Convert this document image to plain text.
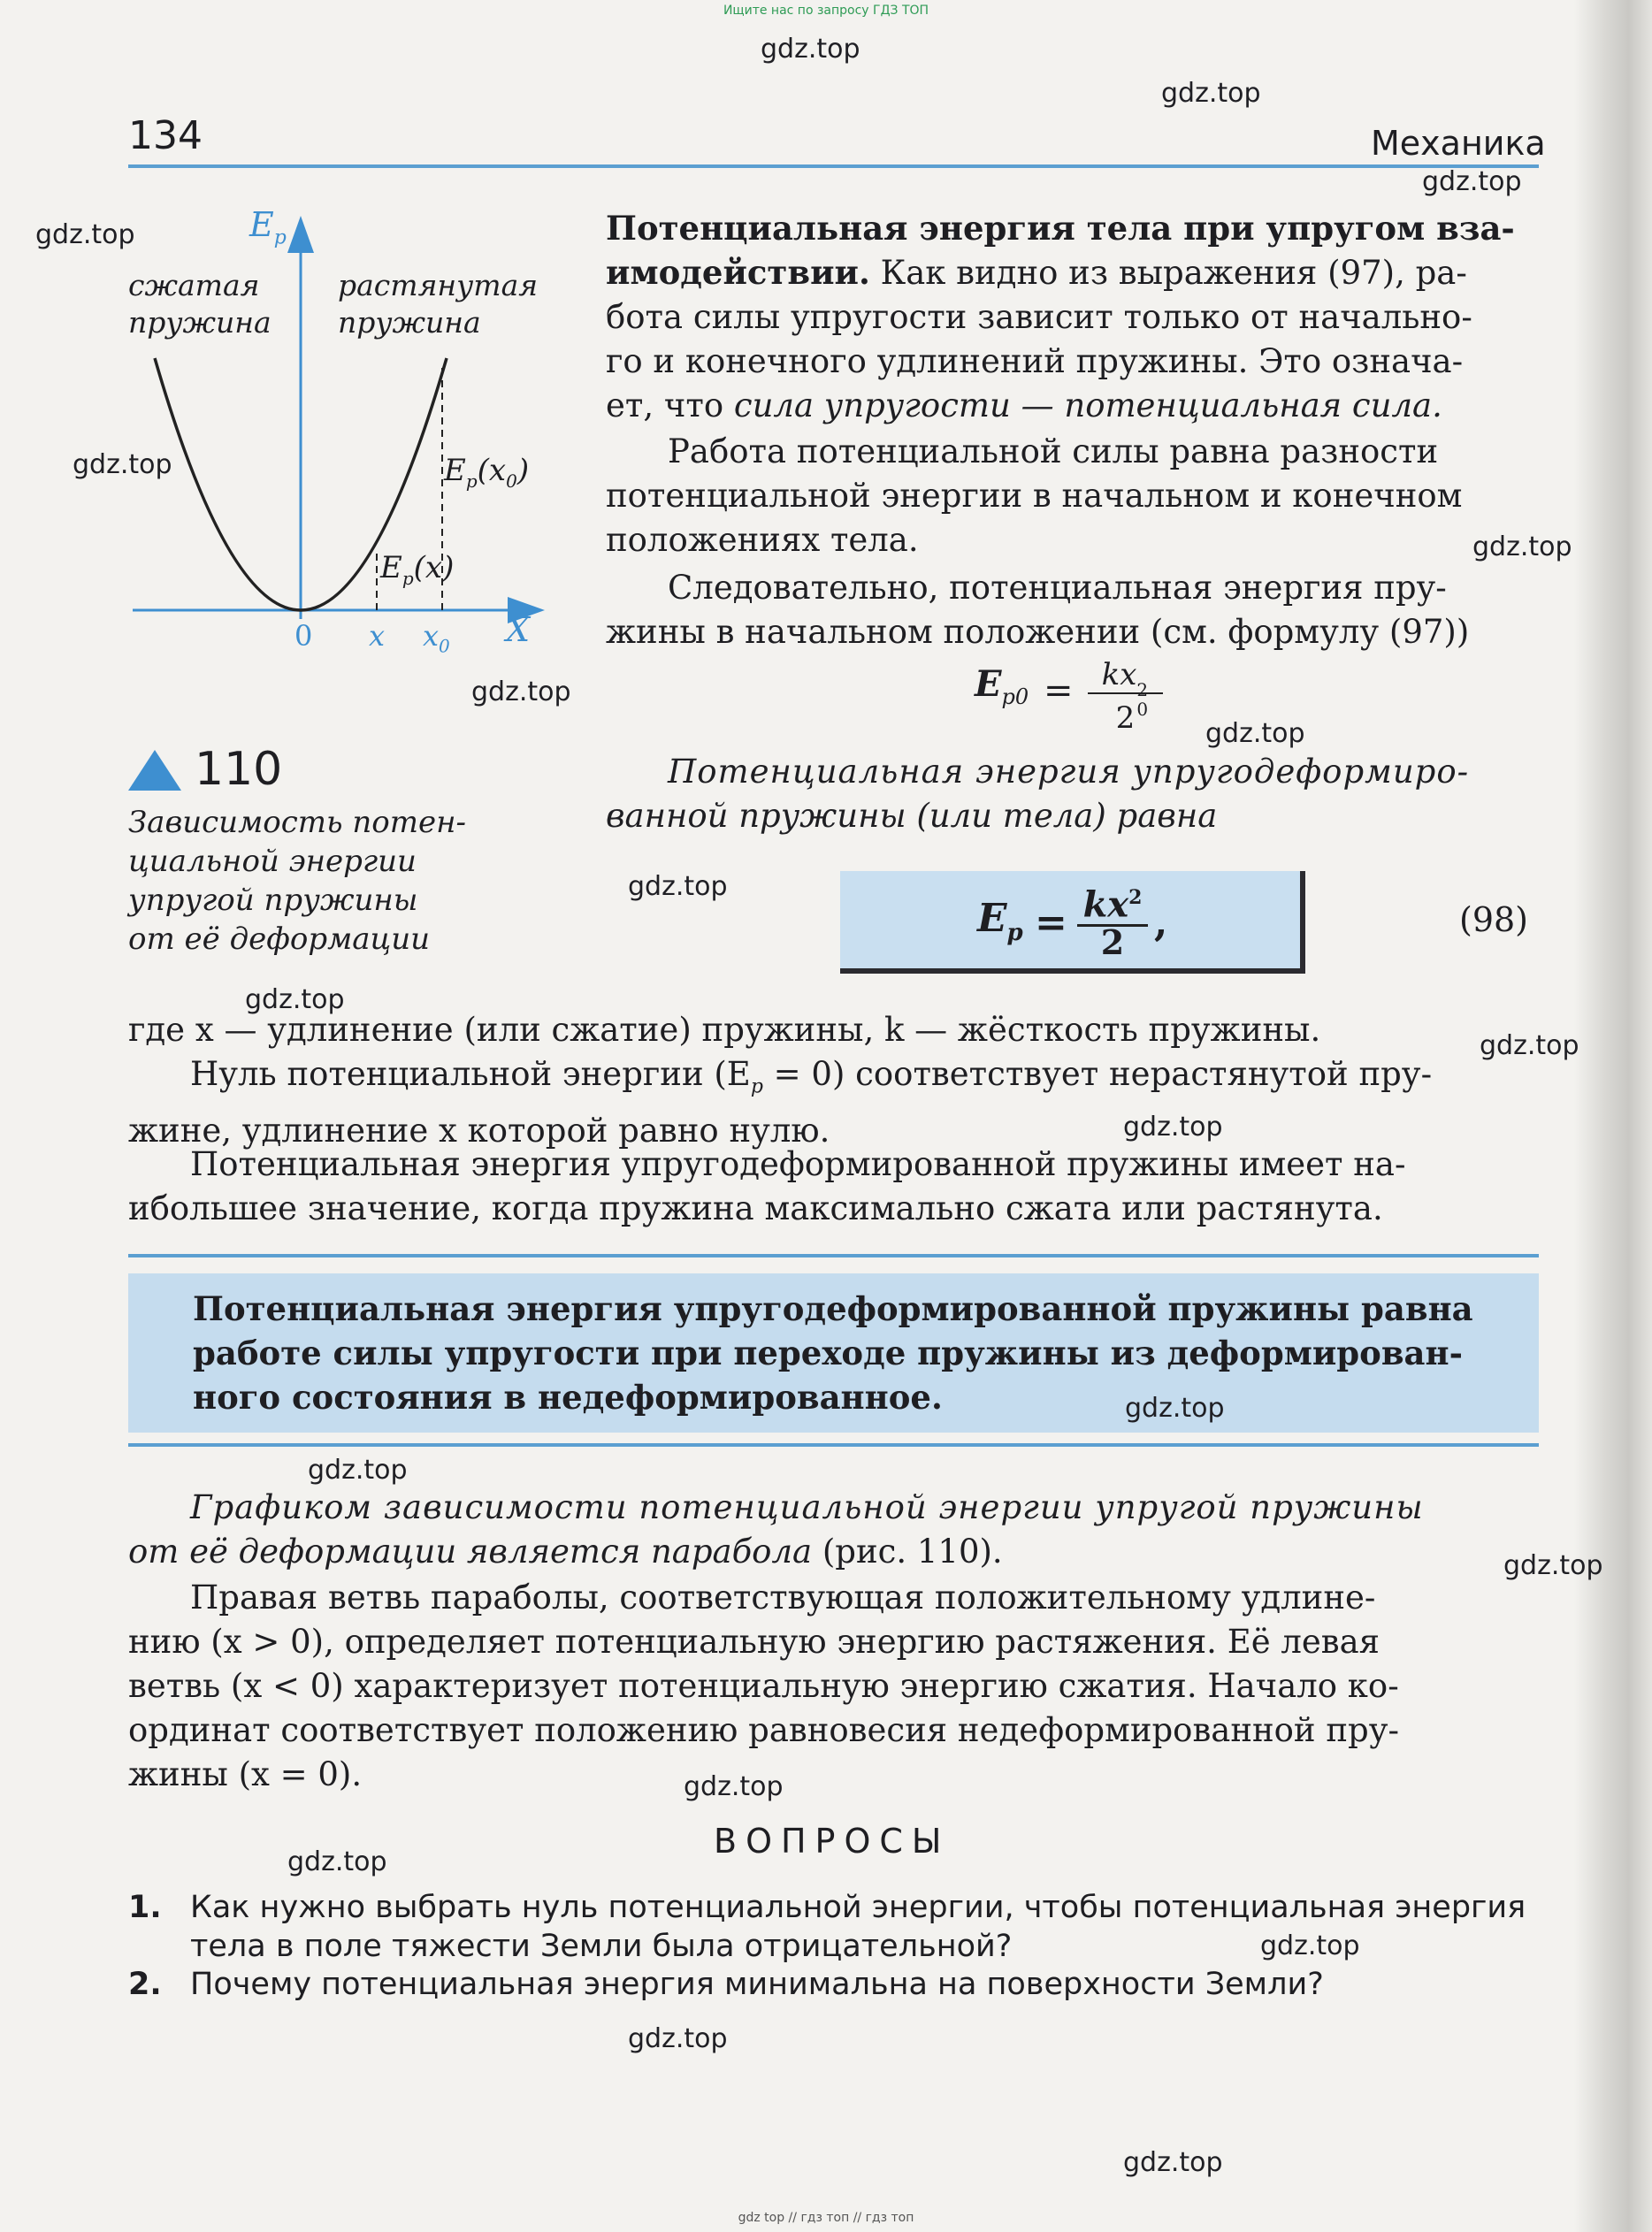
Ищите нас по запросу ГДЗ ТОП
134	Механика
$E_p$
X
0 x $x_0$
сжатая
пружина
растянутая
пружина
$E_p(x_0)$
$E_p(x)$
110
Зависимость потен-
циальной энергии
упругой пружины
от её деформации
Потенциальная энергия тела при упругом вза-
имодействии. Как видно из выражения (97), ра-
бота силы упругости зависит только от начально-
го и конечного удлинений пружины. Это означа-
ет, что сила упругости — потенциальная сила.
Работа потенциальной силы равна разности
потенциальной энергии в начальном и конечном
положениях тела.
Следовательно, потенциальная энергия пру-
жины в начальном положении (см. формулу (97))
$E_{p0}$ = kx 2
0
2
Потенциальная энергия упругодеформиро-
ванной пружины (или тела) равна
$E_p = kx^2$
2 ,	(98)
где x — удлинение (или сжатие) пружины, k — жёсткость пружины.
Нуль потенциальной энергии $(E_p = 0)$ соответствует нерастянутой пру-
жине, удлинение x которой равно нулю.
Потенциальная энергия упругодеформированной пружины имеет на-
ибольшее значение, когда пружина максимально сжата или растянута.
Потенциальная энергия упругодеформированной пружины равна
работе силы упругости при переходе пружины из деформирован-
ного состояния в недеформированное.
Графиком зависимости потенциальной энергии упругой пружины
от её деформации является парабола (рис. 110).
Правая ветвь параболы, соответствующая положительному удлине-
нию (x > 0), определяет потенциальную энергию растяжения. Её левая
ветвь (x < 0) характеризует потенциальную энергию сжатия. Начало ко-
ординат соответствует положению равновесия недеформированной пру-
жины (x = 0).
ВОПРОСЫ
1. Как нужно выбрать нуль потенциальной энергии, чтобы потенциальная энергия
тела в поле тяжести Земли была отрицательной?
2. Почему потенциальная энергия минимальна на поверхности Земли?
gdz.top
gdz.top
gdz.top
gdz.top
gdz.top
gdz.top
gdz.top
gdz.top
gdz.top
gdz.top
gdz.top
gdz.top
gdz.top
gdz.top
gdz.top
gdz.top
gdz.top
gdz.top
gdz.top
gdz.top
gdz top // гдз топ // гдз топ
